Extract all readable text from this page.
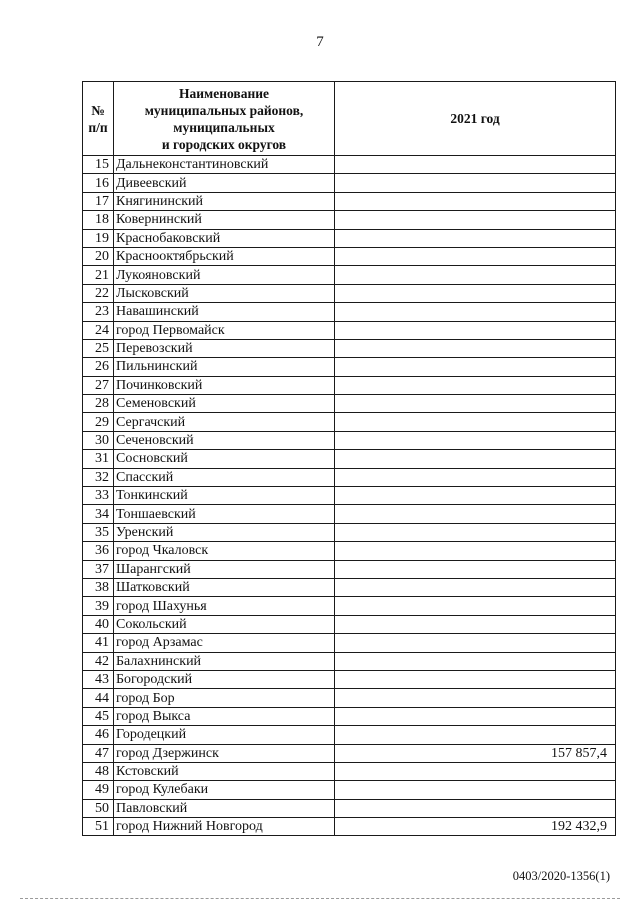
7
№
п/п	Наименование
муниципальных районов,
муниципальных
и городских округов	2021 год
15	Дальнеконстантиновский	
16	Дивеевский	
17	Княгининский	
18	Ковернинский	
19	Краснобаковский	
20	Краснооктябрьский	
21	Лукояновский	
22	Лысковский	
23	Навашинский	
24	город Первомайск	
25	Перевозский	
26	Пильнинский	
27	Починковский	
28	Семеновский	
29	Сергачский	
30	Сеченовский	
31	Сосновский	
32	Спасский	
33	Тонкинский	
34	Тоншаевский	
35	Уренский	
36	город Чкаловск	
37	Шарангский	
38	Шатковский	
39	город Шахунья	
40	Сокольский	
41	город Арзамас	
42	Балахнинский	
43	Богородский	
44	город Бор	
45	город Выкса	
46	Городецкий	
47	город Дзержинск	157 857,4
48	Кстовский	
49	город Кулебаки	
50	Павловский	
51	город Нижний Новгород	192 432,9
0403/2020-1356(1)
